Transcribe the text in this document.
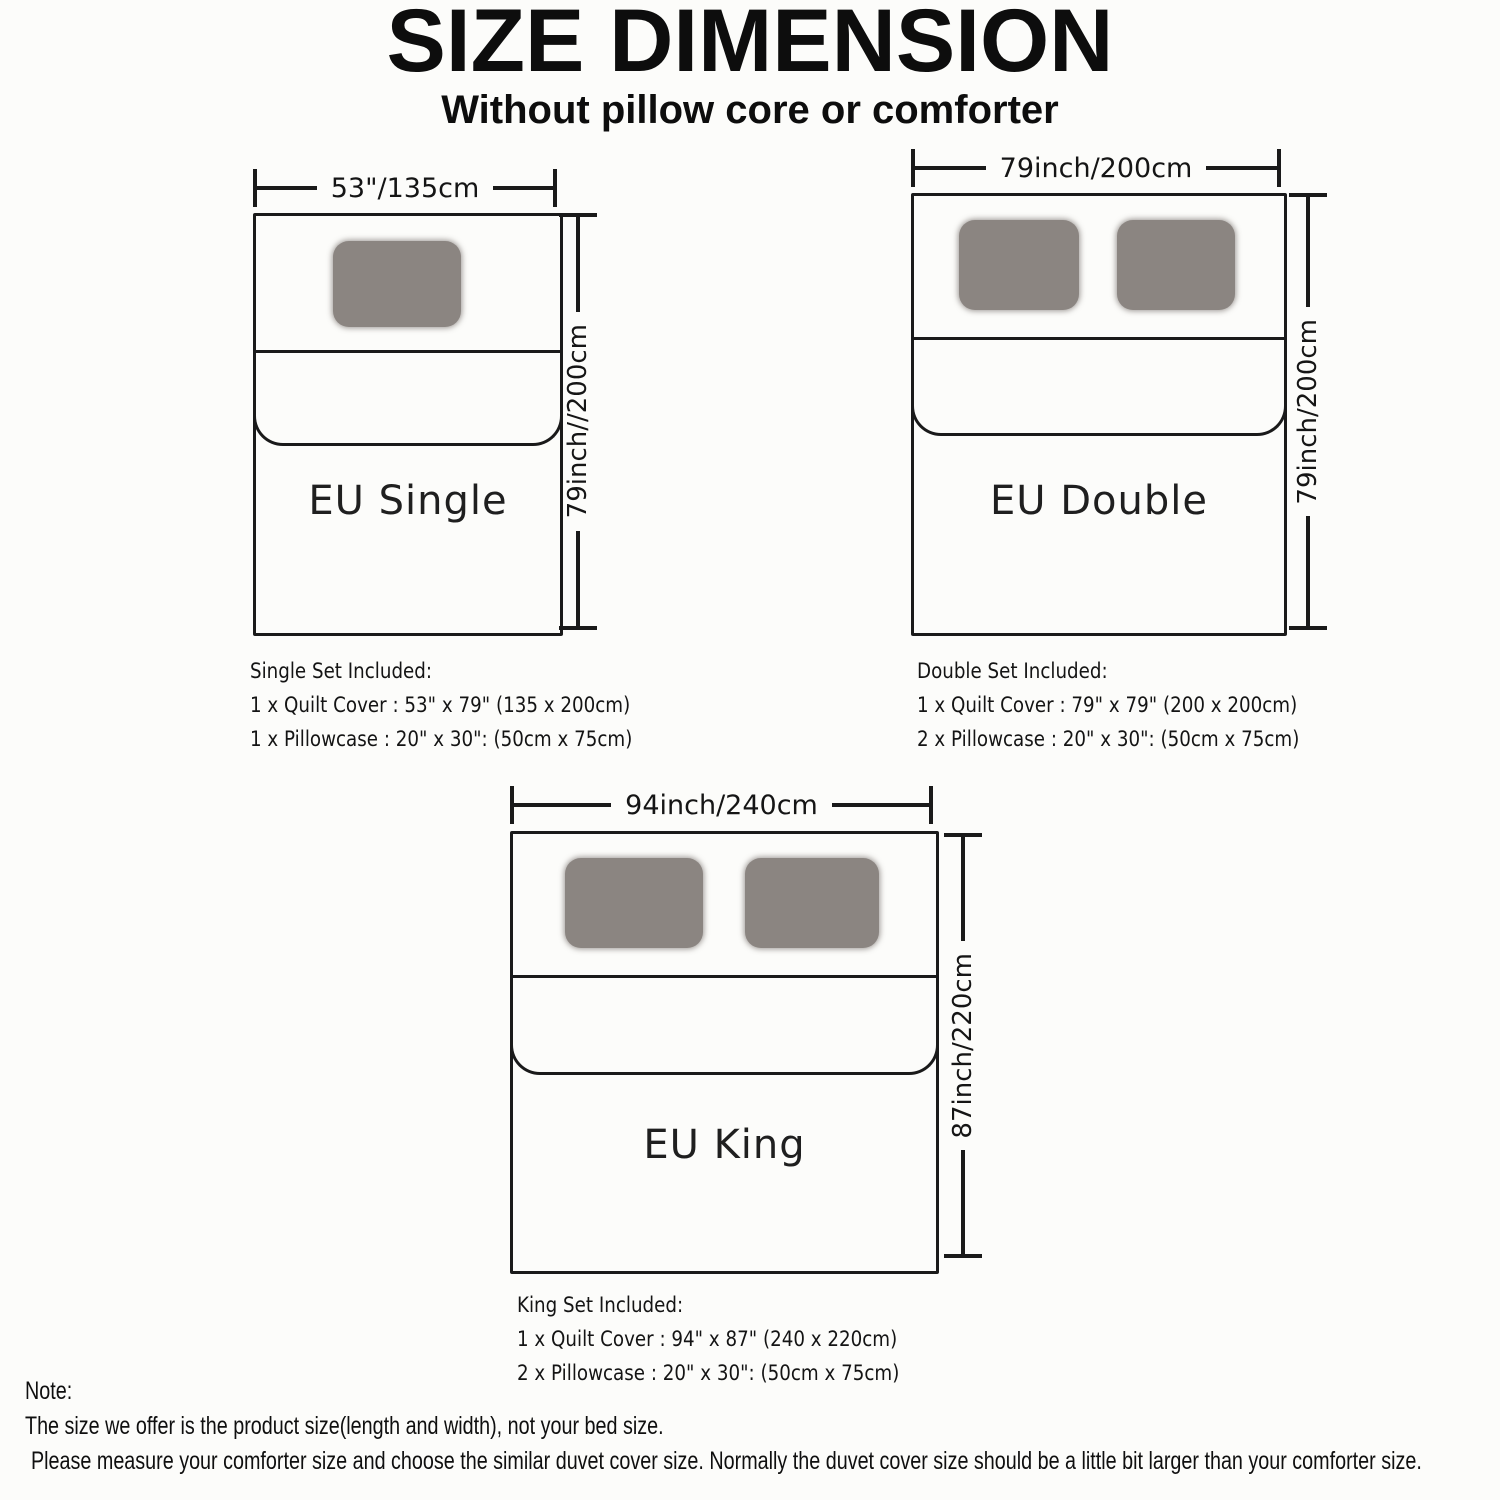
SIZE DIMENSION
Without pillow core or comforter
53"/135cm
EU Single	79inch//200cm
Single Set Included:
1 x Quilt Cover : 53" x 79" (135 x 200cm)
1 x Pillowcase : 20" x 30": (50cm x 75cm)
79inch/200cm
EU Double	79inch/200cm
Double Set Included:
1 x Quilt Cover : 79" x 79" (200 x 200cm)
2 x Pillowcase : 20" x 30": (50cm x 75cm)
94inch/240cm
EU King
87inch/220cm
King Set Included:
1 x Quilt Cover : 94" x 87" (240 x 220cm)
2 x Pillowcase : 20" x 30": (50cm x 75cm)
Note:
The size we offer is the product size(length and width), not your bed size.
Please measure your comforter size and choose the similar duvet cover size. Normally the duvet cover size should be a little bit larger than your comforter size.
